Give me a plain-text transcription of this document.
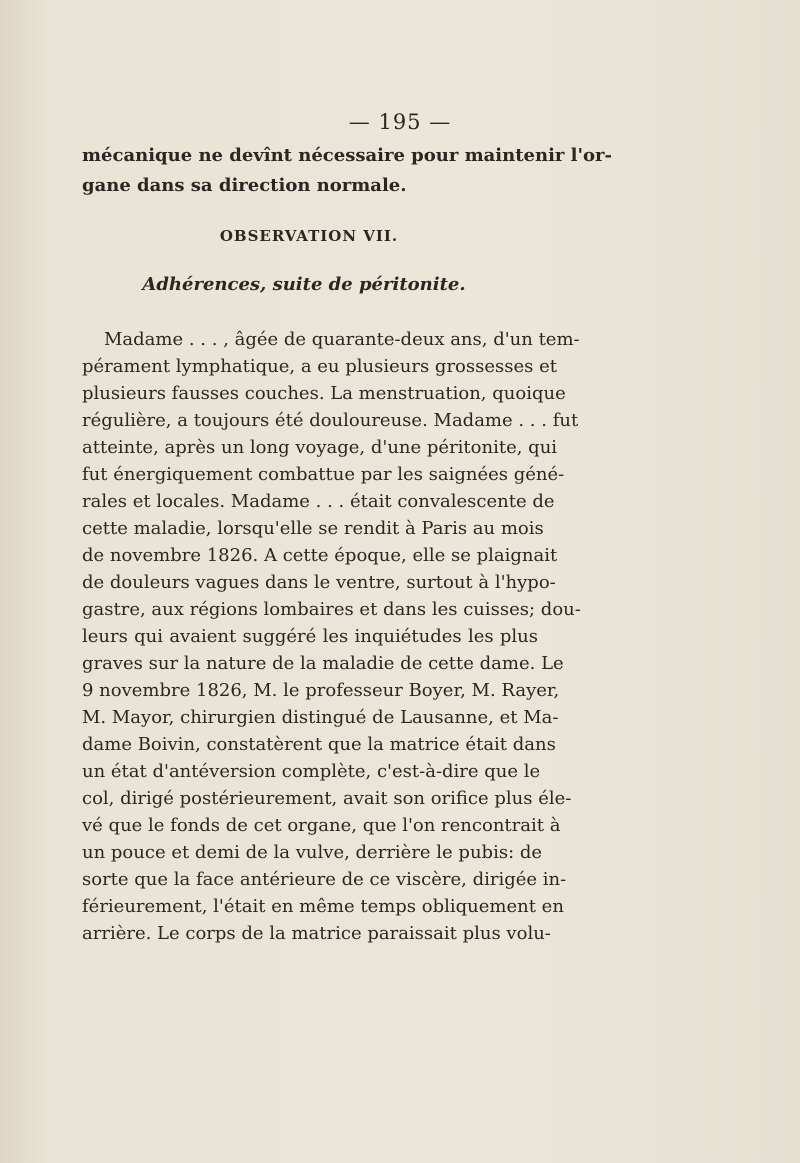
— 195 —
mécanique ne devînt nécessaire pour maintenir l'or-
gane dans sa direction normale.
OBSERVATION VII.
Adhérences, suite de péritonite.
Madame . . . , âgée de quarante-deux ans, d'un tem-
pérament lymphatique, a eu plusieurs grossesses et
plusieurs fausses couches. La menstruation, quoique
régulière, a toujours été douloureuse. Madame . . . fut
atteinte, après un long voyage, d'une péritonite, qui
fut énergiquement combattue par les saignées géné-
rales et locales. Madame . . . était convalescente de
cette maladie, lorsqu'elle se rendit à Paris au mois
de novembre 1826. A cette époque, elle se plaignait
de douleurs vagues dans le ventre, surtout à l'hypo-
gastre, aux régions lombaires et dans les cuisses; dou-
leurs qui avaient suggéré les inquiétudes les plus
graves sur la nature de la maladie de cette dame. Le
9 novembre 1826, M. le professeur Boyer, M. Rayer,
M. Mayor, chirurgien distingué de Lausanne, et Ma-
dame Boivin, constatèrent que la matrice était dans
un état d'antéversion complète, c'est-à-dire que le
col, dirigé postérieurement, avait son orifice plus éle-
vé que le fonds de cet organe, que l'on rencontrait à
un pouce et demi de la vulve, derrière le pubis: de
sorte que la face antérieure de ce viscère, dirigée in-
férieurement, l'était en même temps obliquement en
arrière. Le corps de la matrice paraissait plus volu-
